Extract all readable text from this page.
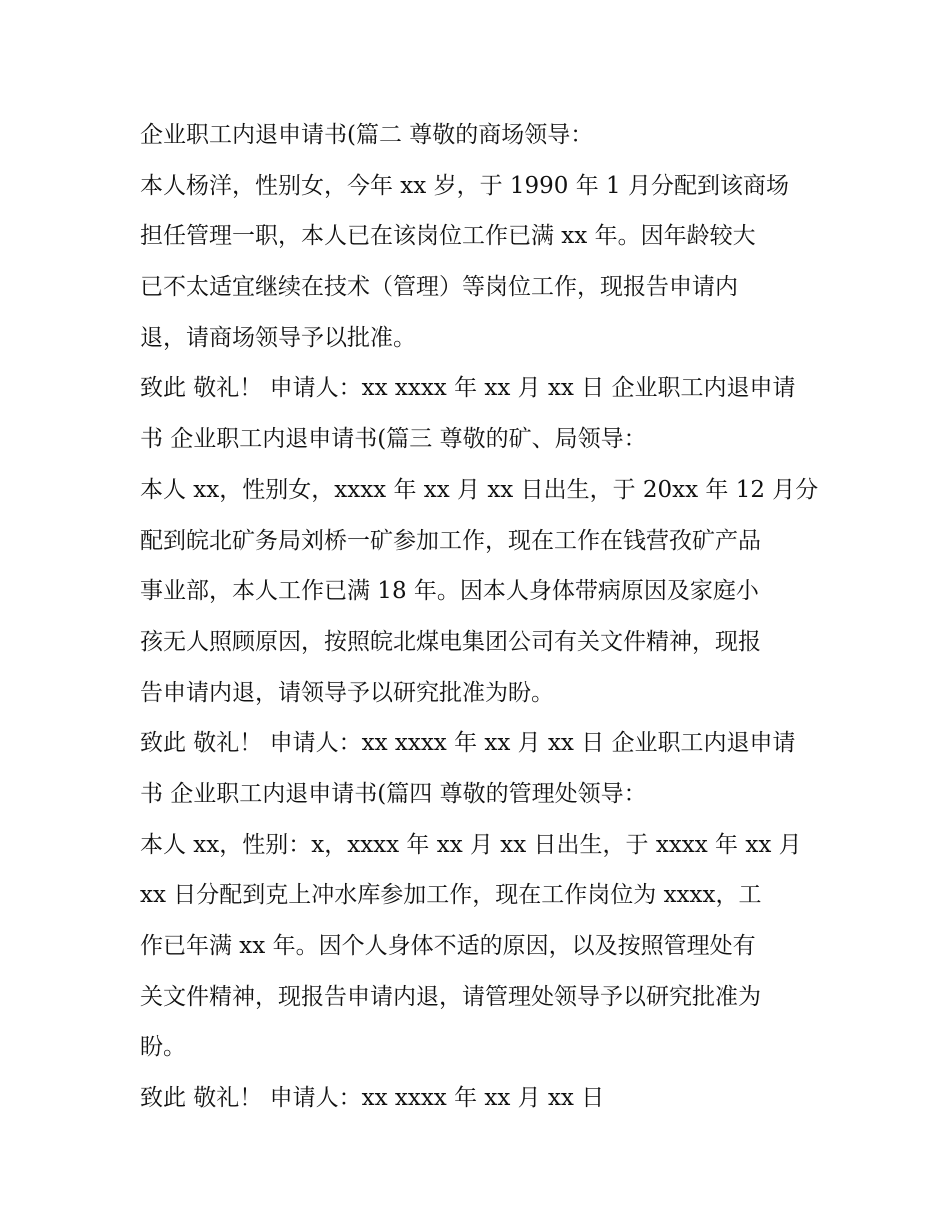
企业职工内退申请书(篇二 尊敬的商场领导：
本人杨洋，性别女，今年 xx 岁，于 1990 年 1 月分配到该商场
担任管理一职，本人已在该岗位工作已满 xx 年。因年龄较大
已不太适宜继续在技术（管理）等岗位工作，现报告申请内
退，请商场领导予以批准。
致此 敬礼！ 申请人：xx xxxx 年 xx 月 xx 日 企业职工内退申请
书 企业职工内退申请书(篇三 尊敬的矿、局领导：
本人 xx，性别女，xxxx 年 xx 月 xx 日出生，于 20xx 年 12 月分
配到皖北矿务局刘桥一矿参加工作，现在工作在钱营孜矿产品
事业部，本人工作已满 18 年。因本人身体带病原因及家庭小
孩无人照顾原因，按照皖北煤电集团公司有关文件精神，现报
告申请内退，请领导予以研究批准为盼。
致此 敬礼！ 申请人：xx xxxx 年 xx 月 xx 日 企业职工内退申请
书 企业职工内退申请书(篇四 尊敬的管理处领导：
本人 xx，性别：x，xxxx 年 xx 月 xx 日出生，于 xxxx 年 xx 月
xx 日分配到克上冲水库参加工作，现在工作岗位为 xxxx，工
作已年满 xx 年。因个人身体不适的原因，以及按照管理处有
关文件精神，现报告申请内退，请管理处领导予以研究批准为
盼。
致此 敬礼！ 申请人：xx xxxx 年 xx 月 xx 日
